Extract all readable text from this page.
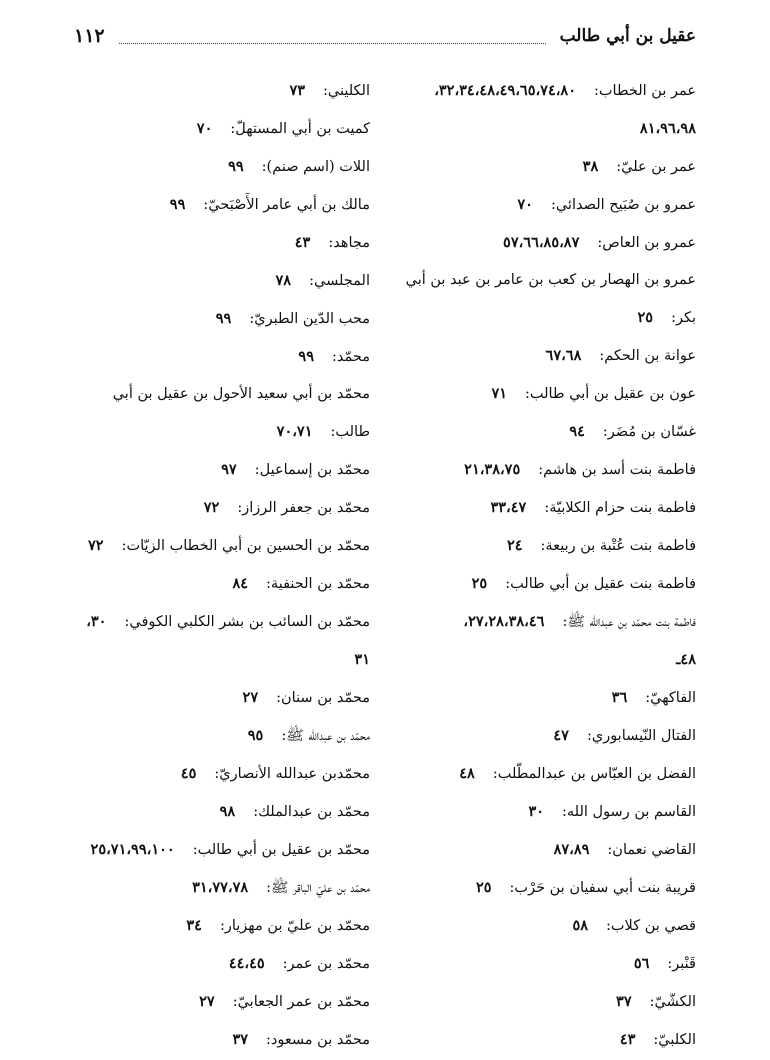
١١٢	عقيل بن أبي طالب
عمر بن الخطاب:٣٢،٣٤،٤٨،٤٩،٦٥،٧٤،٨٠،
٨١،٩٦،٩٨
عمر بن عليّ:٣٨
عمرو بن صُبَيح الصدائي:٧٠
عمرو بن العاص:٥٧،٦٦،٨٥،٨٧
عمرو بن الهصار بن كعب بن عامر بن عبد بن أبي
بكر:٢٥
عوانة بن الحكم:٦٧،٦٨
عون بن عقيل بن أبي طالب:٧١
غسّان بن مُضَر:٩٤
فاطمة بنت أسد بن هاشم:٢١،٣٨،٧٥
فاطمة بنت حزام الكلابيّة:٣٣،٤٧
فاطمة بنت عُتْبة بن ربيعة:٢٤
فاطمة بنت عقيل بن أبي طالب:٢٥
فاطمة بنت محمّد بن عبدالله ﷺ:٢٧،٢٨،٣٨،٤٦،
٤٨ـ
الفاكهيّ:٣٦
الفتال النّيسابوري:٤٧
الفضل بن العبّاس بن عبدالمطّلب:٤٨
القاسم بن رسول الله:٣٠
القاضي نعمان:٨٧،٨٩
قريبة بنت أبي سفيان بن حَرْب:٢٥
قصي بن كلاب:٥٨
قَنْبر:٥٦
الكشّيّ:٣٧
الكلبيّ:٤٣
الكليني:٧٣
كميت بن أبي المستهلّ:٧٠
اللات (اسم صنم):٩٩
مالك بن أبي عامر الأَصْبَحيّ:٩٩
مجاهد:٤٣
المجلسي:٧٨
محب الدّين الطبريّ:٩٩
محمّد:٩٩
محمّد بن أبي سعيد الأحول بن عقيل بن أبي
طالب:٧٠،٧١
محمّد بن إسماعيل:٩٧
محمّد بن جعفر الرزاز:٧٢
محمّد بن الحسين بن أبي الخطاب الزيّات:٧٢
محمّد بن الحنفية:٨٤
محمّد بن السائب بن بشر الكلبي الكوفي:٣٠،
٣١
محمّد بن سنان:٢٧
محمّد بن عبدالله ﷺ:٩٥
محمّدبن عبدالله الأنصاريّ:٤٥
محمّد بن عبدالملك:٩٨
محمّد بن عقيل بن أبي طالب:٢٥،٧١،٩٩،١٠٠
محمّد بن عليّ الباقر ﷺ:٣١،٧٧،٧٨
محمّد بن عليّ بن مهزيار:٣٤
محمّد بن عمر:٤٤،٤٥
محمّد بن عمر الجعابيّ:٢٧
محمّد بن مسعود:٣٧
